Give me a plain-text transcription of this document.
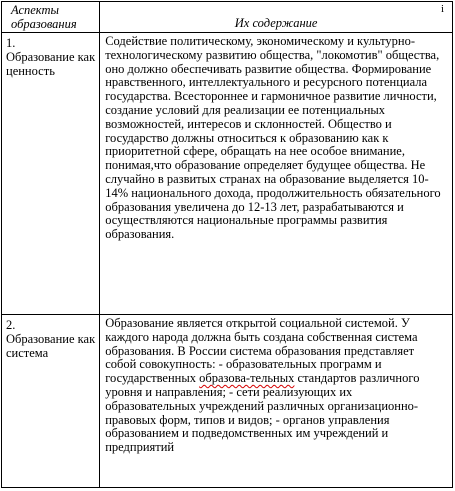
Аспекты образования	Их содержание
i

1.
Образование как ценность	Содействие политическому, экономическому и культурно-технологическому развитию общества, "локомотив" общества, оно должно обеспечивать развитие общества. Формирование нравственного, интеллектуального и ресурсного потенциала государства. Всестороннее и гармоничное развитие личности, создание условий для реализации ее потенциальных возможностей, интересов и склонностей. Общество и государство должны относиться к образованию как к приоритетной сфере, обращать на нее особое внимание, понимая,что образование определяет будущее общества. Не случайно в развитых странах на образование выделяется 10-14% национального дохода, продолжительность обязательного образования увеличена до 12-13 лет, разрабатываются и осуществляются национальные программы развития образования.

2.
Образование как система	Образование является открытой социальной системой. У каждого народа должна быть создана собственная система образования. В России система образования представляет собой совокупность: - образовательных программ и государственных образова-тельных стандартов различного уровня и направления; - сети реализующих их образовательных учреждений различных организационно-правовых форм, типов и видов; - органов управления образованием и подведомственных им учреждений и предприятий
